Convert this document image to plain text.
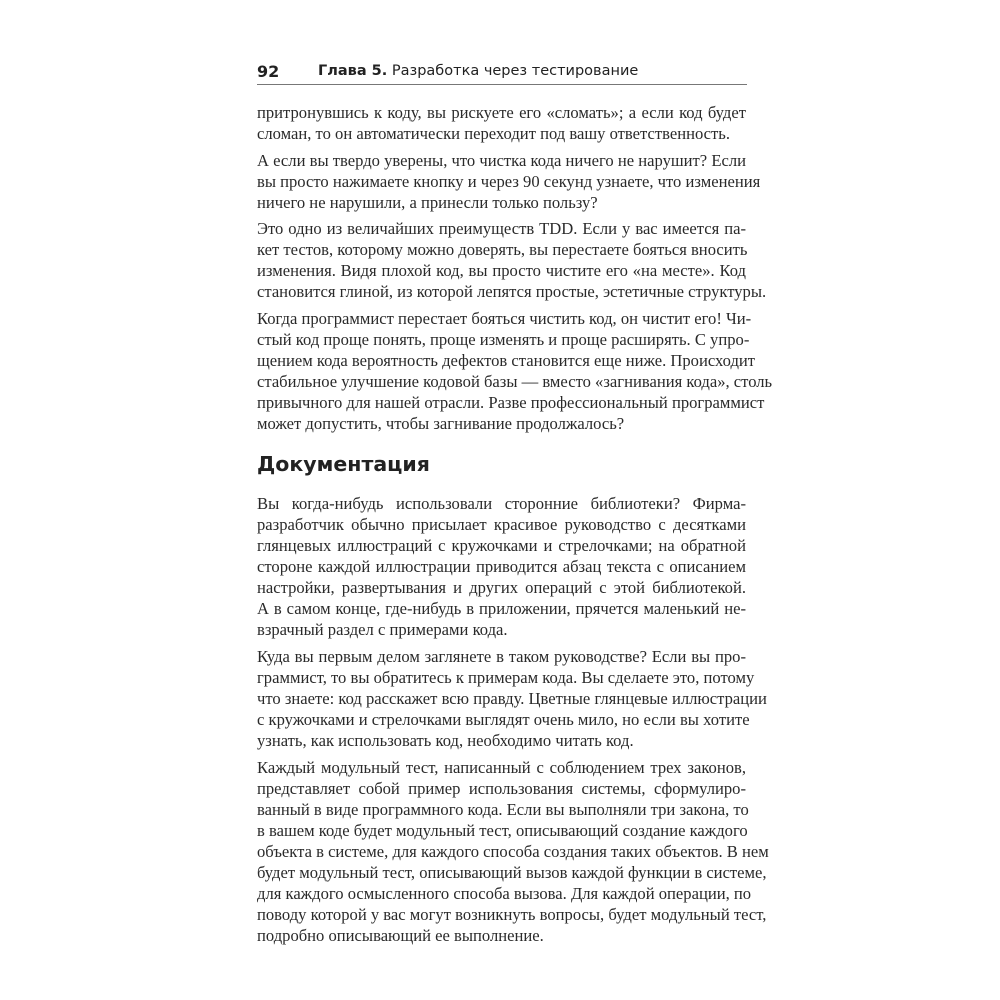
92	Глава 5. Разработка через тестирование
притронувшись к коду, вы рискуете его «сломать»; а если код будет
сломан, то он автоматически переходит под вашу ответственность.
А если вы твердо уверены, что чистка кода ничего не нарушит? Если
вы просто нажимаете кнопку и через 90 секунд узнаете, что изменения
ничего не нарушили, а принесли только пользу?
Это одно из величайших преимуществ TDD. Если у вас имеется па-
кет тестов, которому можно доверять, вы перестаете бояться вносить
изменения. Видя плохой код, вы просто чистите его «на месте». Код
становится глиной, из которой лепятся простые, эстетичные структуры.
Когда программист перестает бояться чистить код, он чистит его! Чи-
стый код проще понять, проще изменять и проще расширять. С упро-
щением кода вероятность дефектов становится еще ниже. Происходит
стабильное улучшение кодовой базы — вместо «загнивания кода», столь
привычного для нашей отрасли. Разве профессиональный программист
может допустить, чтобы загнивание продолжалось?
Документация
Вы когда-нибудь использовали сторонние библиотеки? Фирма-
разработчик обычно присылает красивое руководство с десятками
глянцевых иллюстраций с кружочками и стрелочками; на обратной
стороне каждой иллюстрации приводится абзац текста с описанием
настройки, развертывания и других операций с этой библиотекой.
А в самом конце, где-нибудь в приложении, прячется маленький не-
взрачный раздел с примерами кода.
Куда вы первым делом заглянете в таком руководстве? Если вы про-
граммист, то вы обратитесь к примерам кода. Вы сделаете это, потому
что знаете: код расскажет всю правду. Цветные глянцевые иллюстрации
с кружочками и стрелочками выглядят очень мило, но если вы хотите
узнать, как использовать код, необходимо читать код.
Каждый модульный тест, написанный с соблюдением трех законов,
представляет собой пример использования системы, сформулиро-
ванный в виде программного кода. Если вы выполняли три закона, то
в вашем коде будет модульный тест, описывающий создание каждого
объекта в системе, для каждого способа создания таких объектов. В нем
будет модульный тест, описывающий вызов каждой функции в системе,
для каждого осмысленного способа вызова. Для каждой операции, по
поводу которой у вас могут возникнуть вопросы, будет модульный тест,
подробно описывающий ее выполнение.
